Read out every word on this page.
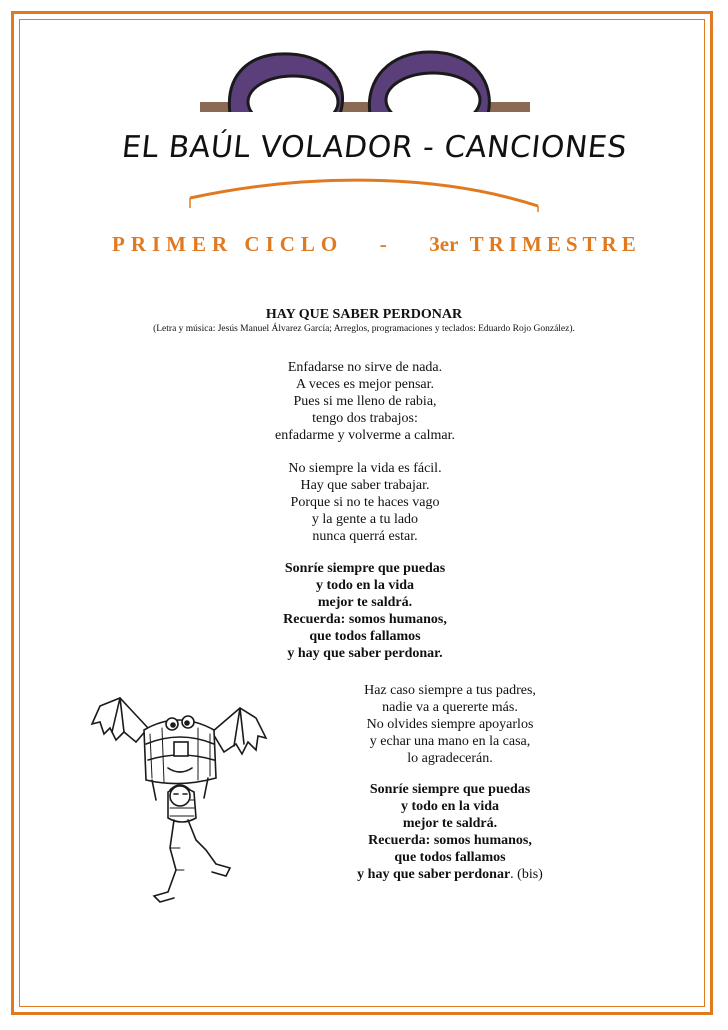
EL BAÚL VOLADOR - CANCIONES
PRIMER CICLO - 3er TRIMESTRE
HAY QUE SABER PERDONAR
(Letra y música: Jesús Manuel Álvarez García; Arreglos, programaciones y teclados: Eduardo Rojo González).
Enfadarse no sirve de nada.
A veces es mejor pensar.
Pues si me lleno de rabia,
tengo dos trabajos:
enfadarme y volverme a calmar.
No siempre la vida es fácil.
Hay que saber trabajar.
Porque si no te haces vago
y la gente a tu lado
nunca querrá estar.
Sonríe siempre que puedas
y todo en la vida
mejor te saldrá.
Recuerda: somos humanos,
que todos fallamos
y hay que saber perdonar.
Haz caso siempre a tus padres,
nadie va a quererte más.
No olvides siempre apoyarlos
y echar una mano en la casa,
lo agradecerán.
Sonríe siempre que puedas
y todo en la vida
mejor te saldrá.
Recuerda: somos humanos,
que todos fallamos
y hay que saber perdonar. (bis)
